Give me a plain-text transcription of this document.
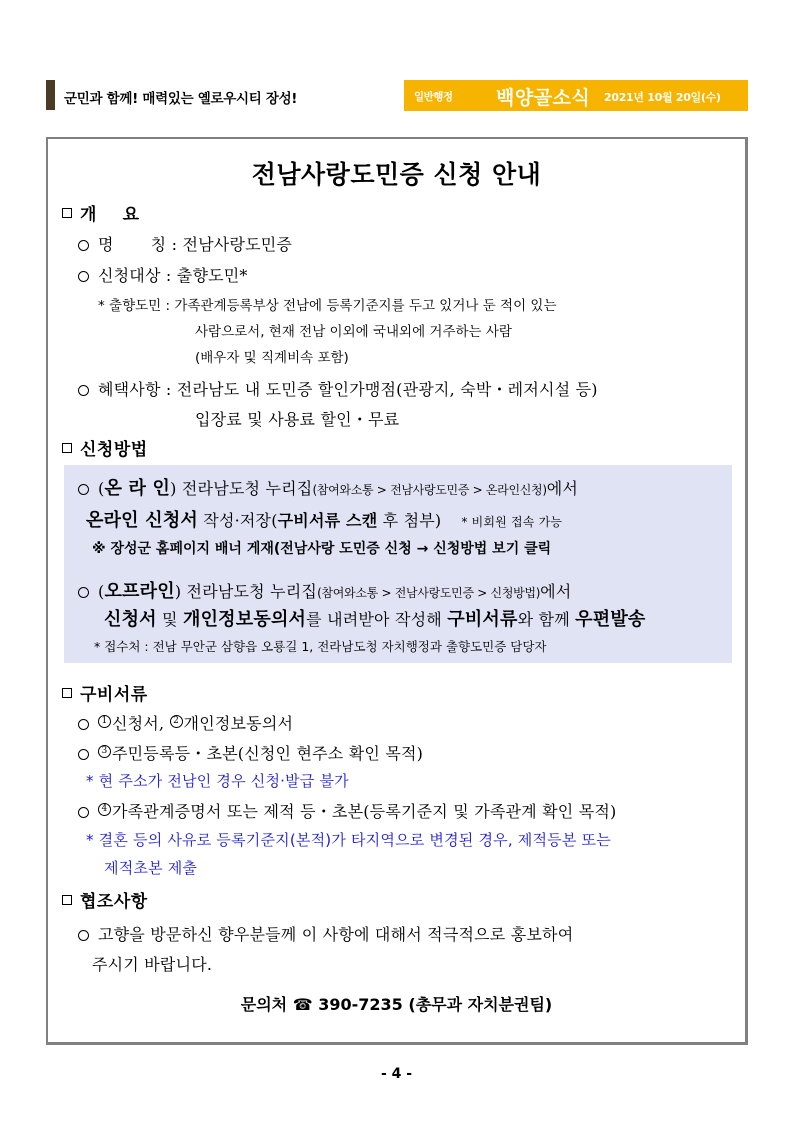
군민과 함께! 매력있는 옐로우시티 장성!	일반행정 백양골소식 2021년 10월 20일(수)
전남사랑도민증 신청 안내
개    요
명       칭 : 전남사랑도민증
신청대상 : 출향도민*
* 출향도민 : 가족관계등록부상 전남에 등록기준지를 두고 있거나 둔 적이 있는
사람으로서, 현재 전남 이외에 국내외에 거주하는 사람
(배우자 및 직계비속 포함)
혜택사항 : 전라남도 내 도민증 할인가맹점(관광지, 숙박・레저시설 등)
입장료 및 사용료 할인・무료
신청방법
(온 라 인) 전라남도청 누리집(참여와소통 > 전남사랑도민증 > 온라인신청)에서
온라인 신청서 작성·저장(구비서류 스캔 후 첨부) * 비회원 접속 가능
※ 장성군 홈페이지 배너 게재(전남사랑 도민증 신청 → 신청방법 보기 클릭
(오프라인) 전라남도청 누리집(참여와소통 > 전남사랑도민증 > 신청방법)에서
신청서 및 개인정보동의서를 내려받아 작성해 구비서류와 함께 우편발송
* 접수처 : 전남 무안군 삼향읍 오룡길 1, 전라남도청 자치행정과 출향도민증 담당자
구비서류
1 신청서, 2 개인정보동의서
3 주민등록등・초본(신청인 현주소 확인 목적)
* 현 주소가 전남인 경우 신청·발급 불가
4 가족관계증명서 또는 제적 등・초본(등록기준지 및 가족관계 확인 목적)
* 결혼 등의 사유로 등록기준지(본적)가 타지역으로 변경된 경우, 제적등본 또는
제적초본 제출
협조사항
고향을 방문하신 향우분들께 이 사항에 대해서 적극적으로 홍보하여
주시기 바랍니다.
문의처 ☎ 390-7235 (총무과 자치분권팀)
- 4 -
